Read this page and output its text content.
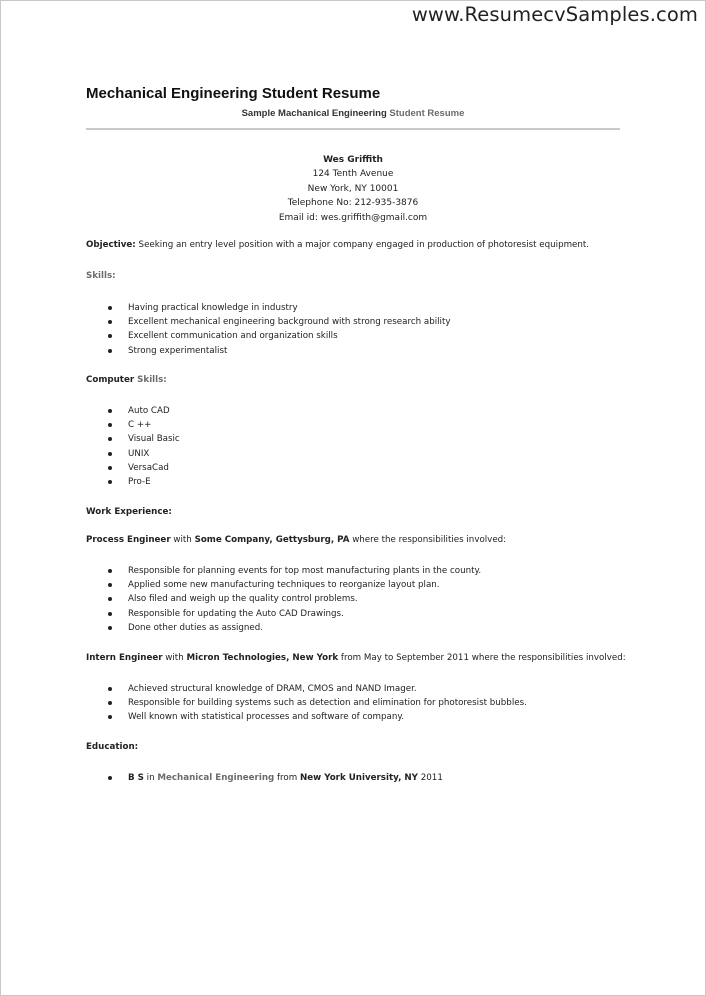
www.ResumecvSamples.com
Mechanical Engineering Student Resume
Sample Machanical Engineering Student Resume
Wes Griffith
124 Tenth Avenue
New York, NY 10001
Telephone No: 212-935-3876
Email id: wes.griffith@gmail.com
Objective: Seeking an entry level position with a major company engaged in production of photoresist equipment.
Skills:
Having practical knowledge in industry
Excellent mechanical engineering background with strong research ability
Excellent communication and organization skills
Strong experimentalist
Computer Skills:
Auto CAD
C ++
Visual Basic
UNIX
VersaCad
Pro-E
Work Experience:
Process Engineer with Some Company, Gettysburg, PA where the responsibilities involved:
Responsible for planning events for top most manufacturing plants in the county.
Applied some new manufacturing techniques to reorganize layout plan.
Also filed and weigh up the quality control problems.
Responsible for updating the Auto CAD Drawings.
Done other duties as assigned.
Intern Engineer with Micron Technologies, New York from May to September 2011 where the responsibilities involved:
Achieved structural knowledge of DRAM, CMOS and NAND Imager.
Responsible for building systems such as detection and elimination for photoresist bubbles.
Well known with statistical processes and software of company.
Education:
B S in Mechanical Engineering from New York University, NY 2011
